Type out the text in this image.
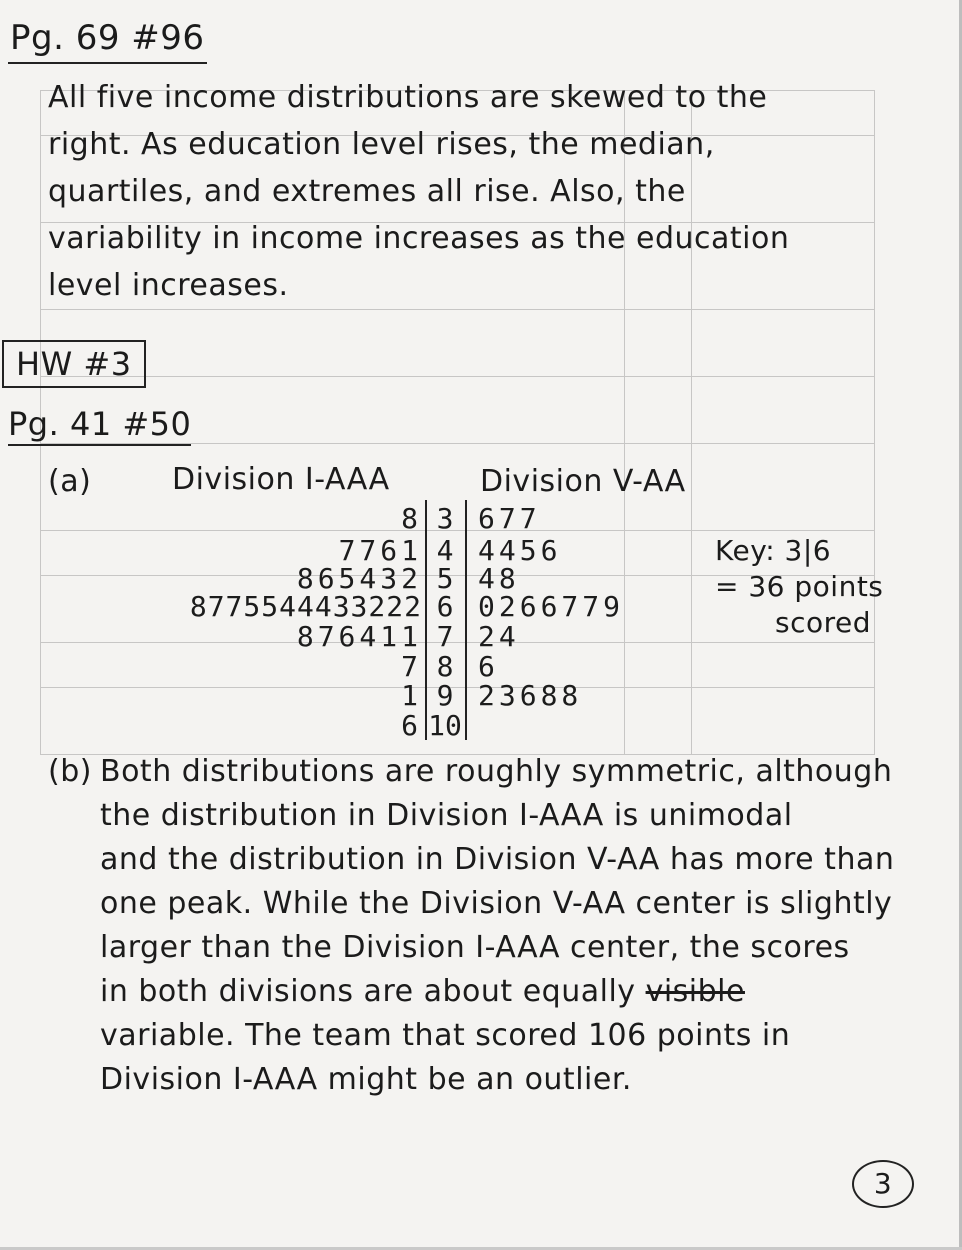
Pg. 69 #96
All five income distributions are skewed to the
right. As education level rises, the median,
quartiles, and extremes all rise. Also, the
variability in income increases as the education
level increases.
HW #3
Pg. 41 #50
(a)	Division I-AAA	Division V-AA
8 3 677
7761 4 4456
865432 5 48
8775544433222 6 0266779
876411 7 24
7 8 6
1 9 23688
6 10
Key: 3|6
= 36 points
scored
(b) Both distributions are roughly symmetric, although
the distribution in Division I-AAA is unimodal
and the distribution in Division V-AA has more than
one peak. While the Division V-AA center is slightly
larger than the Division I-AAA center, the scores
in both divisions are about equally visible
variable. The team that scored 106 points in
Division I-AAA might be an outlier.
3
